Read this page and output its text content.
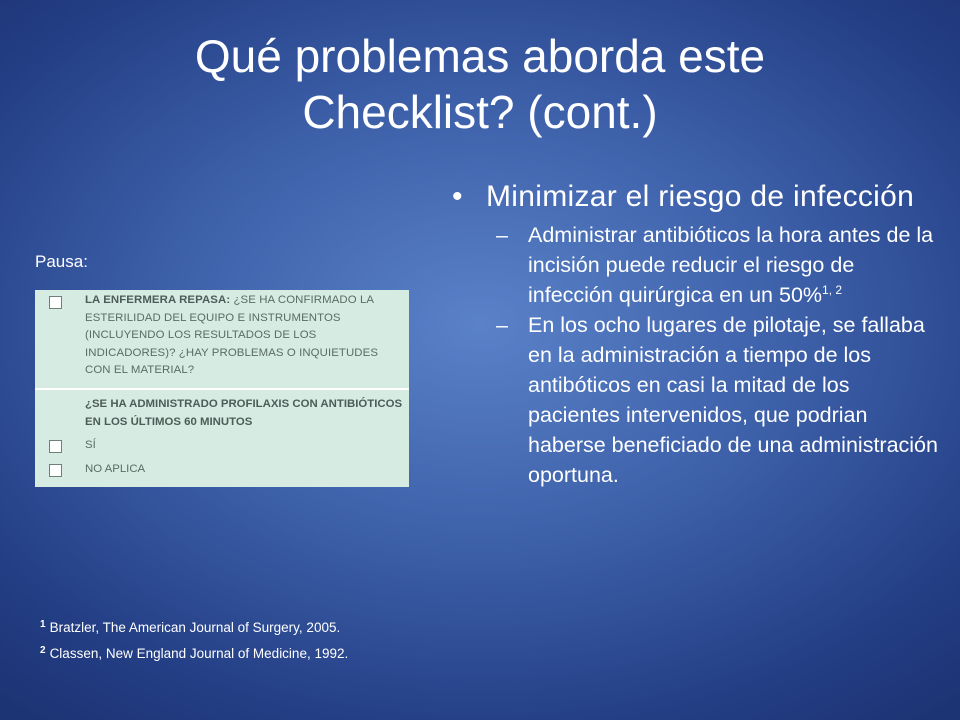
Qué problemas aborda este
Checklist? (cont.)
Pausa:
LA ENFERMERA REPASA: ¿SE HA CONFIRMADO LA ESTERILIDAD DEL EQUIPO E INSTRUMENTOS (INCLUYENDO LOS RESULTADOS DE LOS INDICADORES)? ¿HAY PROBLEMAS O INQUIETUDES CON EL MATERIAL?
¿SE HA ADMINISTRADO PROFILAXIS CON ANTIBIÓTICOS EN LOS ÚLTIMOS 60 MINUTOS
SÍ
NO APLICA
• Minimizar el riesgo de infección
– Administrar antibióticos la hora antes de la incisión puede reducir el riesgo de infección quirúrgica en un 50%$^{1, 2}$
– En los ocho lugares de pilotaje, se fallaba en la administración a tiempo de los antibóticos en casi la mitad de los pacientes intervenidos, que podrian haberse beneficiado de una administración oportuna.
$^1$ Bratzler, The American Journal of Surgery, 2005.
$^2$ Classen, New England Journal of Medicine, 1992.
